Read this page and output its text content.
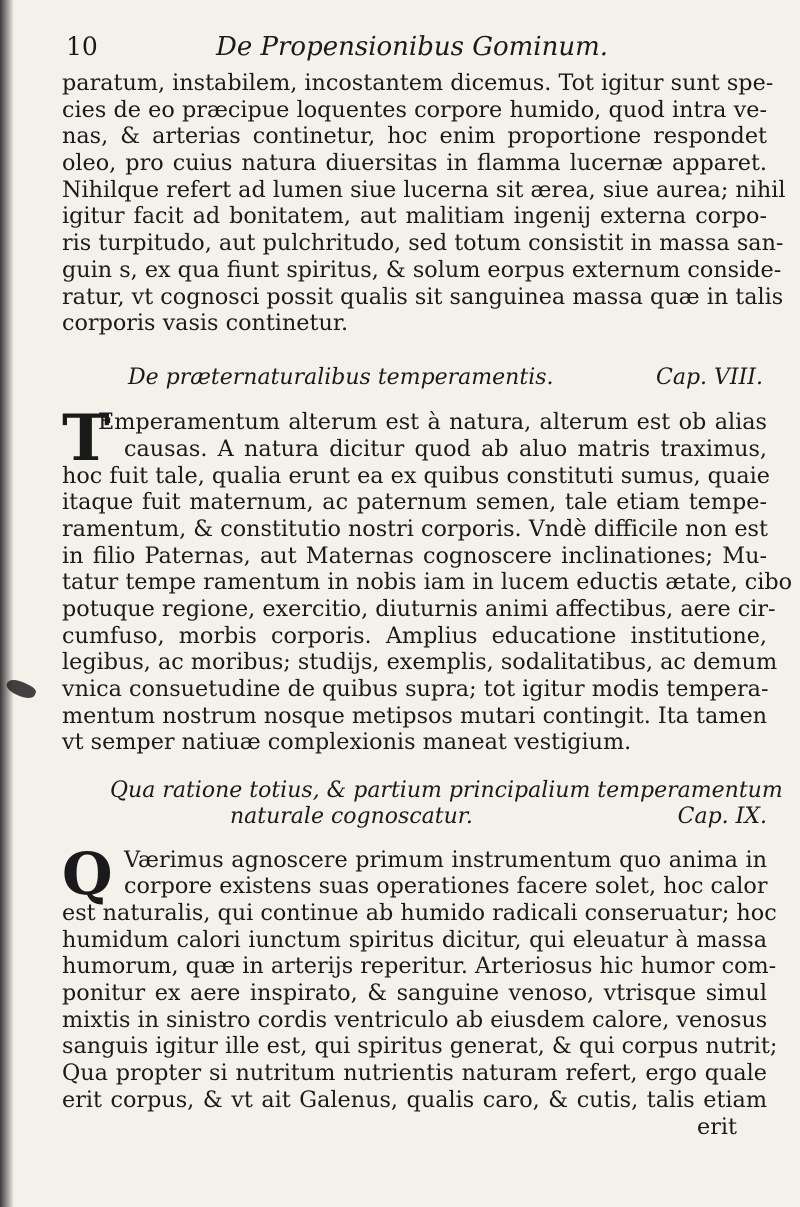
10	De Propensionibus Gominum.
paratum, instabilem, incostantem dicemus. Tot igitur sunt spe-
cies de eo præcipue loquentes corpore humido, quod intra ve-
nas, & arterias continetur, hoc enim proportione respondet
oleo, pro cuius natura diuersitas in flamma lucernæ apparet.
Nihilque refert ad lumen siue lucerna sit ærea, siue aurea; nihil
igitur facit ad bonitatem, aut malitiam ingenij externa corpo-
ris turpitudo, aut pulchritudo, sed totum consistit in massa san-
guin s, ex qua fiunt spiritus, & solum eorpus externum conside-
ratur, vt cognosci possit qualis sit sanguinea massa quæ in talis
corporis vasis continetur.
De præternaturalibus temperamentis.	Cap. VIII.
T
Emperamentum alterum est à natura, alterum est ob alias
causas. A natura dicitur quod ab aluo matris traximus,
hoc fuit tale, qualia erunt ea ex quibus constituti sumus, quaie
itaque fuit maternum, ac paternum semen, tale etiam tempe-
ramentum, & constitutio nostri corporis. Vndè difficile non est
in filio Paternas, aut Maternas cognoscere inclinationes; Mu-
tatur tempe ramentum in nobis iam in lucem eductis ætate, cibo
potuque regione, exercitio, diuturnis animi affectibus, aere cir-
cumfuso, morbis corporis. Amplius educatione institutione,
legibus, ac moribus; studijs, exemplis, sodalitatibus, ac demum
vnica consuetudine de quibus supra; tot igitur modis tempera-
mentum nostrum nosque metipsos mutari contingit. Ita tamen
vt semper natiuæ complexionis maneat vestigium.
Qua ratione totius, & partium principalium temperamentum
naturale cognoscatur.	Cap. IX.
Q Værimus agnoscere primum instrumentum quo anima in
corpore existens suas operationes facere solet, hoc calor
est naturalis, qui continue ab humido radicali conseruatur; hoc
humidum calori iunctum spiritus dicitur, qui eleuatur à massa
humorum, quæ in arterijs reperitur. Arteriosus hic humor com-
ponitur ex aere inspirato, & sanguine venoso, vtrisque simul
mixtis in sinistro cordis ventriculo ab eiusdem calore, venosus
sanguis igitur ille est, qui spiritus generat, & qui corpus nutrit;
Qua propter si nutritum nutrientis naturam refert, ergo quale
erit corpus, & vt ait Galenus, qualis caro, & cutis, talis etiam
erit
